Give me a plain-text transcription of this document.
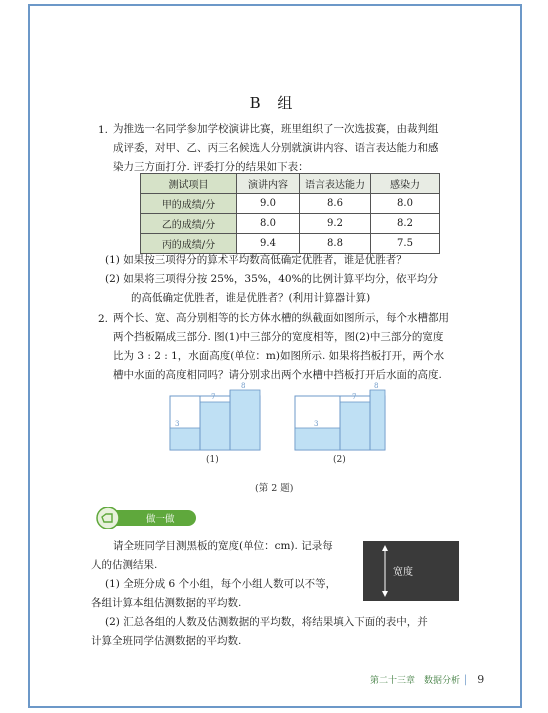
B 组
1. 为推选一名同学参加学校演讲比赛，班里组织了一次选拔赛，由裁判组
成评委，对甲、乙、丙三名候选人分别就演讲内容、语言表达能力和感
染力三方面打分. 评委打分的结果如下表：
测试项目	演讲内容	语言表达能力	感染力
甲的成绩/分	9.0	8.6	8.0
乙的成绩/分	8.0	9.2	8.2
丙的成绩/分	9.4	8.8	7.5
(1) 如果按三项得分的算术平均数高低确定优胜者，谁是优胜者？
(2) 如果将三项得分按 25%，35%，40%的比例计算平均分，依平均分
的高低确定优胜者，谁是优胜者？(利用计算器计算)
2. 两个长、宽、高分别相等的长方体水槽的纵截面如图所示，每个水槽都用
两个挡板隔成三部分. 图(1)中三部分的宽度相等，图(2)中三部分的宽度
比为 3 : 2 : 1，水面高度(单位：m)如图所示. 如果将挡板打开，两个水
槽中水面的高度相同吗？请分别求出两个水槽中挡板打开后水面的高度.
3
7
8
(1)
3
7
8
(2)
(第 2 题)
做一做
请全班同学目测黑板的宽度(单位：cm). 记录每
人的估测结果.
(1) 全班分成 6 个小组，每个小组人数可以不等，
各组计算本组估测数据的平均数.
(2) 汇总各组的人数及估测数据的平均数，将结果填入下面的表中，并
计算全班同学估测数据的平均数.
宽度
第二十三章　数据分析 │ 9
